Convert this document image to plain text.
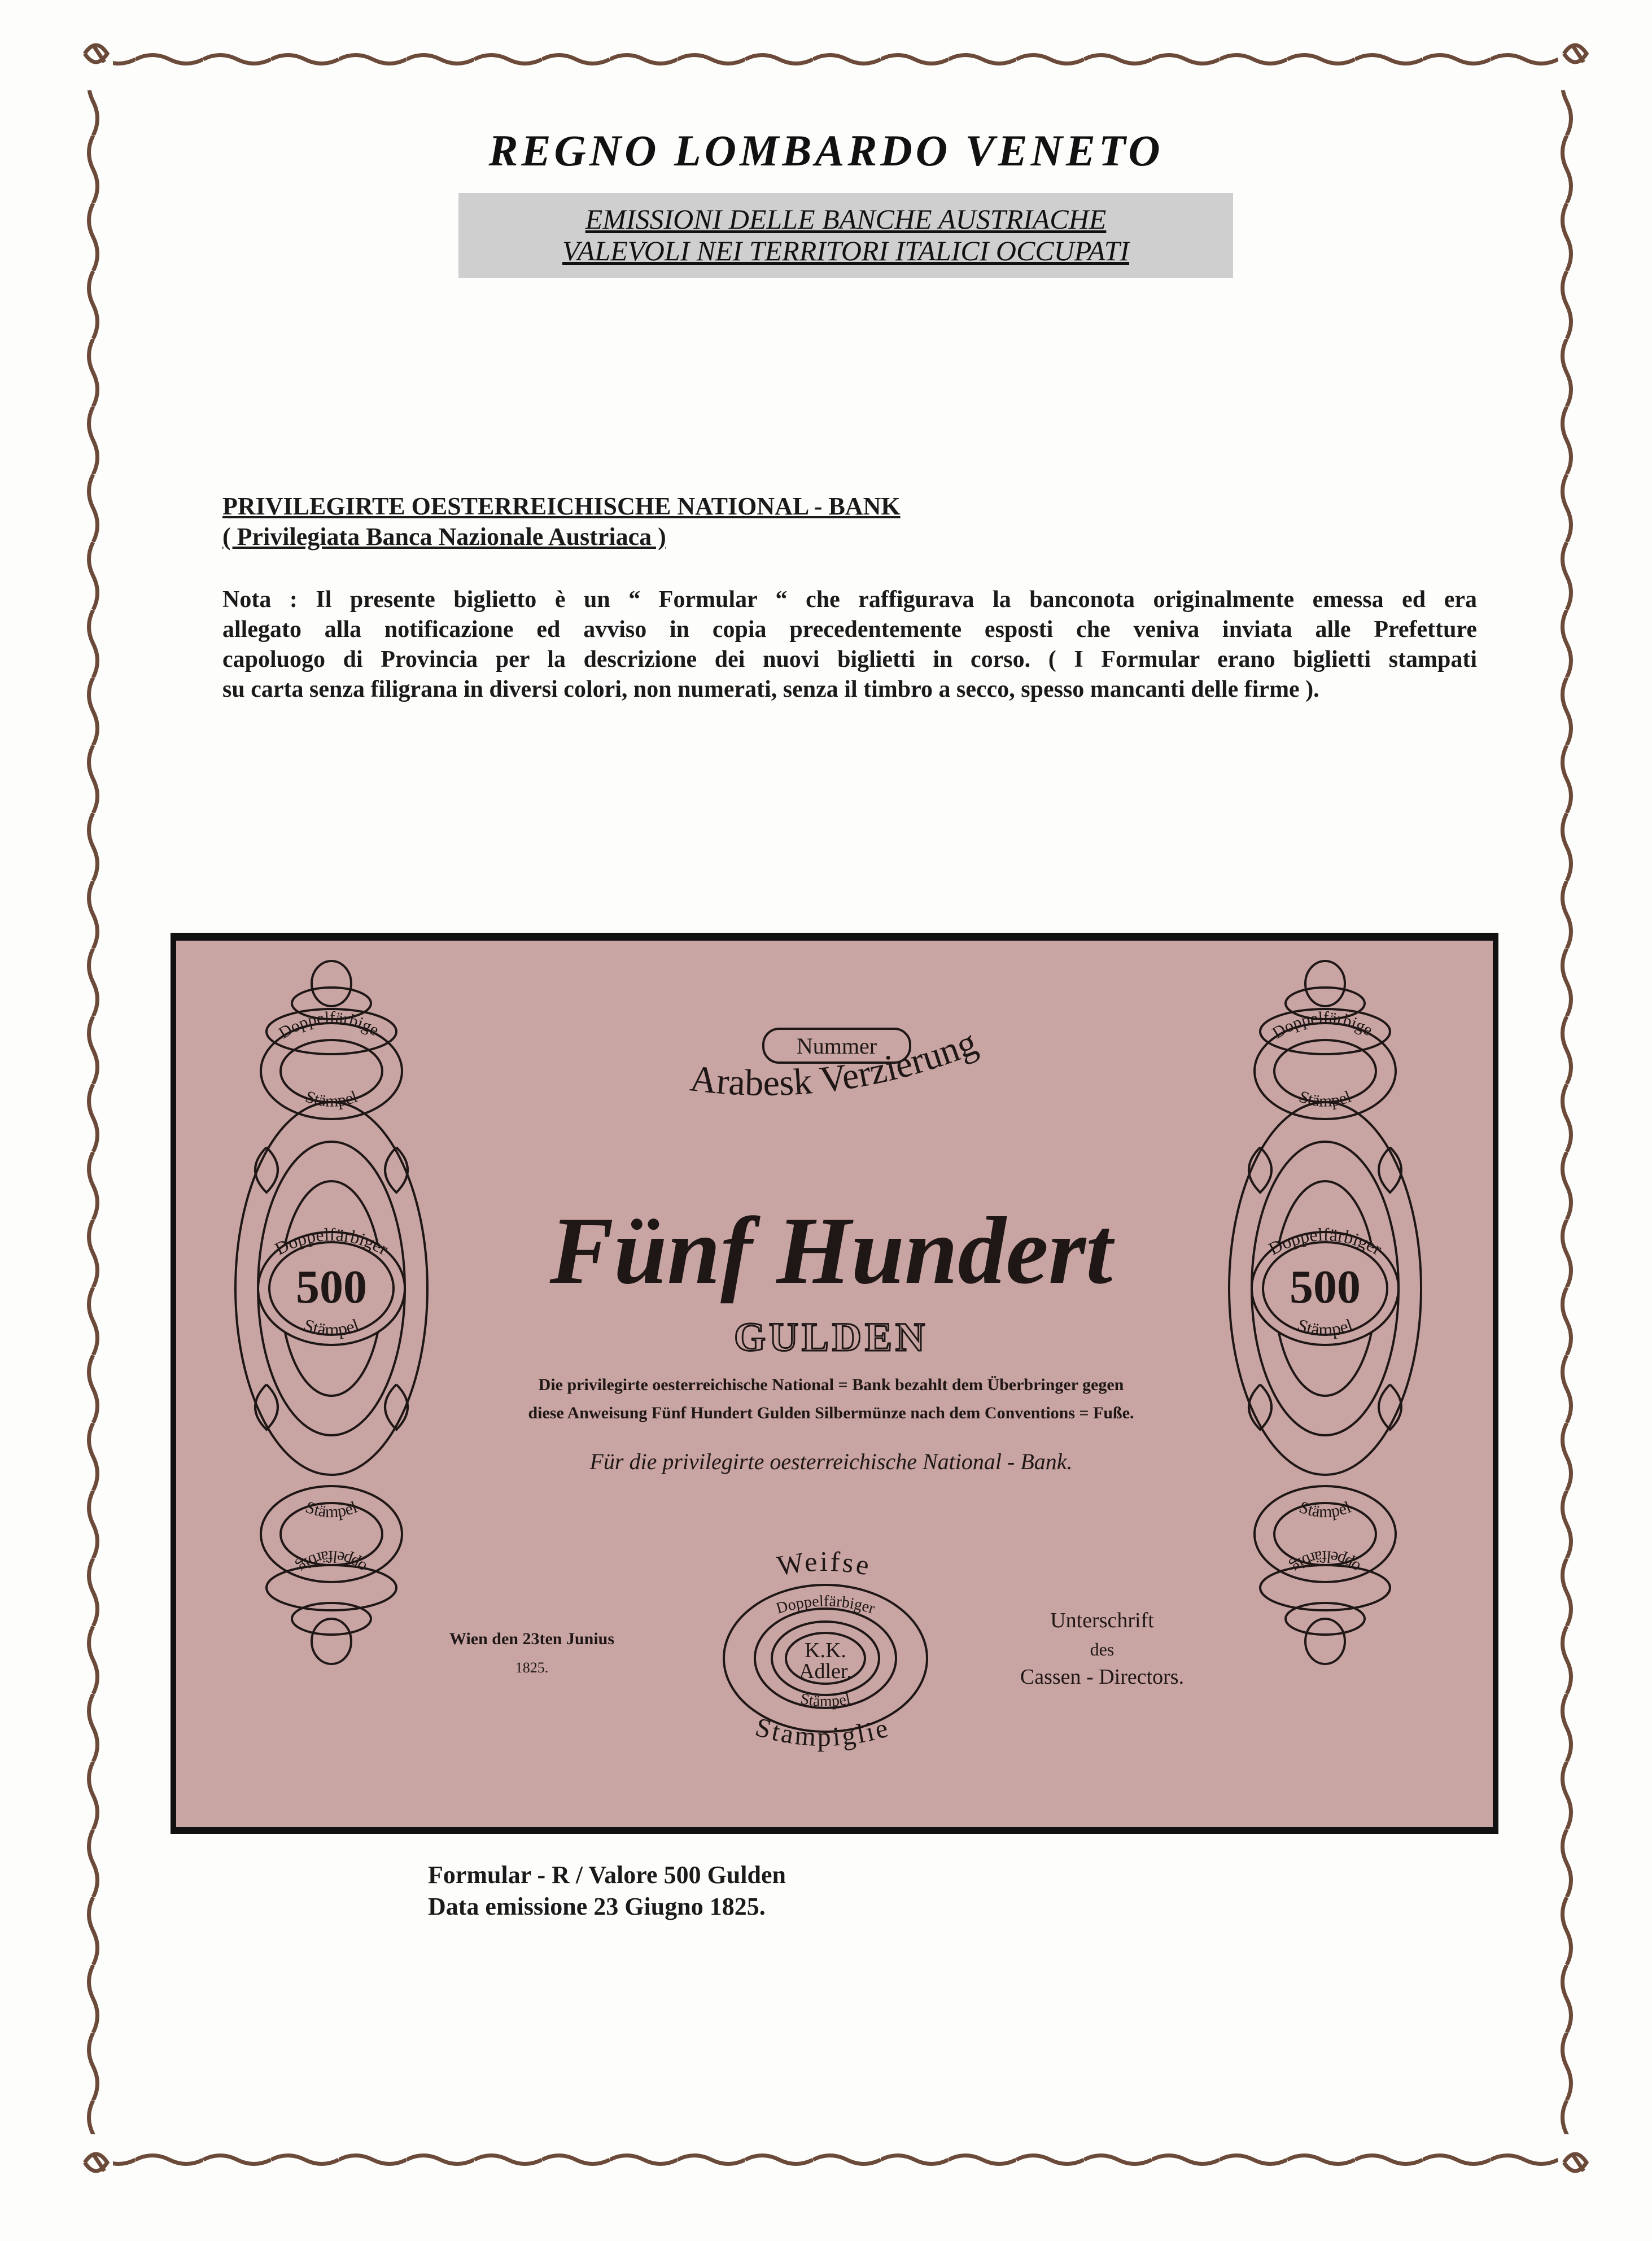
REGNO LOMBARDO VENETO
EMISSIONI DELLE BANCHE AUSTRIACHE
VALEVOLI NEI TERRITORI ITALICI OCCUPATI
PRIVILEGIRTE OESTERREICHISCHE NATIONAL - BANK
( Privilegiata Banca Nazionale Austriaca )
Nota : Il presente biglietto è un “ Formular “ che raffigurava la banconota originalmente emessa ed era
allegato alla notificazione ed avviso in copia precedentemente esposti che veniva inviata alle Prefetture
capoluogo di Provincia per la descrizione dei nuovi biglietti in corso. ( I Formular erano biglietti stampati
su carta senza filigrana in diversi colori, non numerati, senza il timbro a secco, spesso mancanti delle firme ).
Doppelfärbige
Stämpel
Doppelfärbiger
500
Stämpel
Stämpel
oppelfärbig
Doppelfärbige
Stämpel
Doppelfärbiger
500
Stämpel
Stämpel
oppelfärbig
Nummer
Arabesk Verzierung
Fünf Hundert
GULDEN
Die privilegirte oesterreichische National = Bank bezahlt dem Überbringer gegen
diese Anweisung Fünf Hundert Gulden Silbermünze nach dem Conventions = Fuße.
Für die privilegirte oesterreichische National - Bank.
Wien den 23ten Junius
1825.
Weifse
Doppelfärbiger
K.K.
Adler.
Stämpel
Stampiglie
Unterschrift
des
Cassen - Directors.
Formular - R / Valore 500 Gulden
Data emissione 23 Giugno 1825.
